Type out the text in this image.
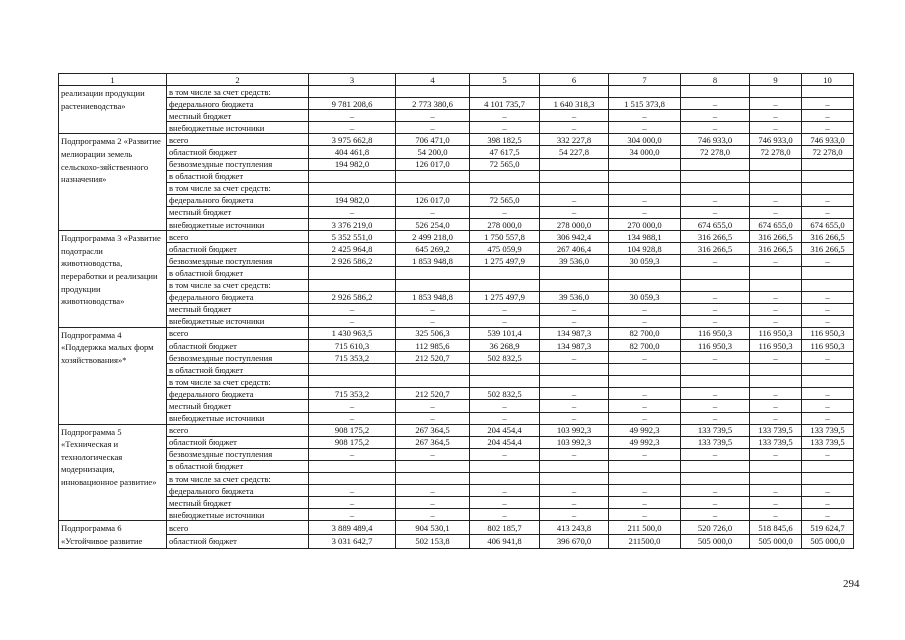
1	2	3	4	5	6	7	8	9	10
реализации продукции растениеводства»	в том числе за счет средств:								
	федерального бюджета	9 781 208,6	2 773 380,6	4 101 735,7	1 640 318,3	1 515 373,8	–	–	–
	местный бюджет	–	–	–	–	–	–	–	–
	внебюджетные источники	–	–	–	–	–	–	–	–
Подпрограмма 2 «Развитие мелиорации земель сельскохо-зяйственного назначения»	всего	3 975 662,8	706 471,0	398 182,5	332 227,8	304 000,0	746 933,0	746 933,0	746 933,0
	областной бюджет	404 461,8	54 200,0	47 617,5	54 227,8	34 000,0	72 278,0	72 278,0	72 278,0
	безвозмездные поступления	194 982,0	126 017,0	72 565,0					
	в областной бюджет								
	в том числе за счет средств:								
	федерального бюджета	194 982,0	126 017,0	72 565,0	–	–	–	–	–
	местный бюджет	–	–	–	–	–	–	–	–
	внебюджетные источники	3 376 219,0	526 254,0	278 000,0	278 000,0	270 000,0	674 655,0	674 655,0	674 655,0
Подпрограмма 3 «Развитие подотрасли животноводства, переработки и реализации продукции животноводства»	всего	5 352 551,0	2 499 218,0	1 750 557,8	306 942,4	134 988,1	316 266,5	316 266,5	316 266,5
	областной бюджет	2 425 964,8	645 269,2	475 059,9	267 406,4	104 928,8	316 266,5	316 266,5	316 266,5
	безвозмездные поступления	2 926 586,2	1 853 948,8	1 275 497,9	39 536,0	30 059,3	–	–	–
	в областной бюджет								
	в том числе за счет средств:								
	федерального бюджета	2 926 586,2	1 853 948,8	1 275 497,9	39 536,0	30 059,3	–	–	–
	местный бюджет	–	–	–	–	–	–	–	–
	внебюджетные источники	–	–	–	–	–	–	–	–
Подпрограмма 4 «Поддержка малых форм хозяйствования»*	всего	1 430 963,5	325 506,3	539 101,4	134 987,3	82 700,0	116 950,3	116 950,3	116 950,3
	областной бюджет	715 610,3	112 985,6	36 268,9	134 987,3	82 700,0	116 950,3	116 950,3	116 950,3
	безвозмездные поступления	715 353,2	212 520,7	502 832,5	–	–	–	–	–
	в областной бюджет								
	в том числе за счет средств:								
	федерального бюджета	715 353,2	212 520,7	502 832,5	–	–	–	–	–
	местный бюджет	–	–	–	–	–	–	–	–
	внебюджетные источники	–	–	–	–	–	–	–	–
Подпрограмма 5 «Техническая и технологическая модернизация, инновационное развитие»	всего	908 175,2	267 364,5	204 454,4	103 992,3	49 992,3	133 739,5	133 739,5	133 739,5
	областной бюджет	908 175,2	267 364,5	204 454,4	103 992,3	49 992,3	133 739,5	133 739,5	133 739,5
	безвозмездные поступления	–	–	–	–	–	–	–	–
	в областной бюджет								
	в том числе за счет средств:								
	федерального бюджета	–	–	–	–	–	–	–	–
	местный бюджет	–	–	–	–	–	–	–	–
	внебюджетные источники	–	–	–	–	–	–	–	–
Подпрограмма 6 «Устойчивое развитие	всего	3 889 489,4	904 530,1	802 185,7	413 243,8	211 500,0	520 726,0	518 845,6	519 624,7
	областной бюджет	3 031 642,7	502 153,8	406 941,8	396 670,0	211500,0	505 000,0	505 000,0	505 000,0
294
